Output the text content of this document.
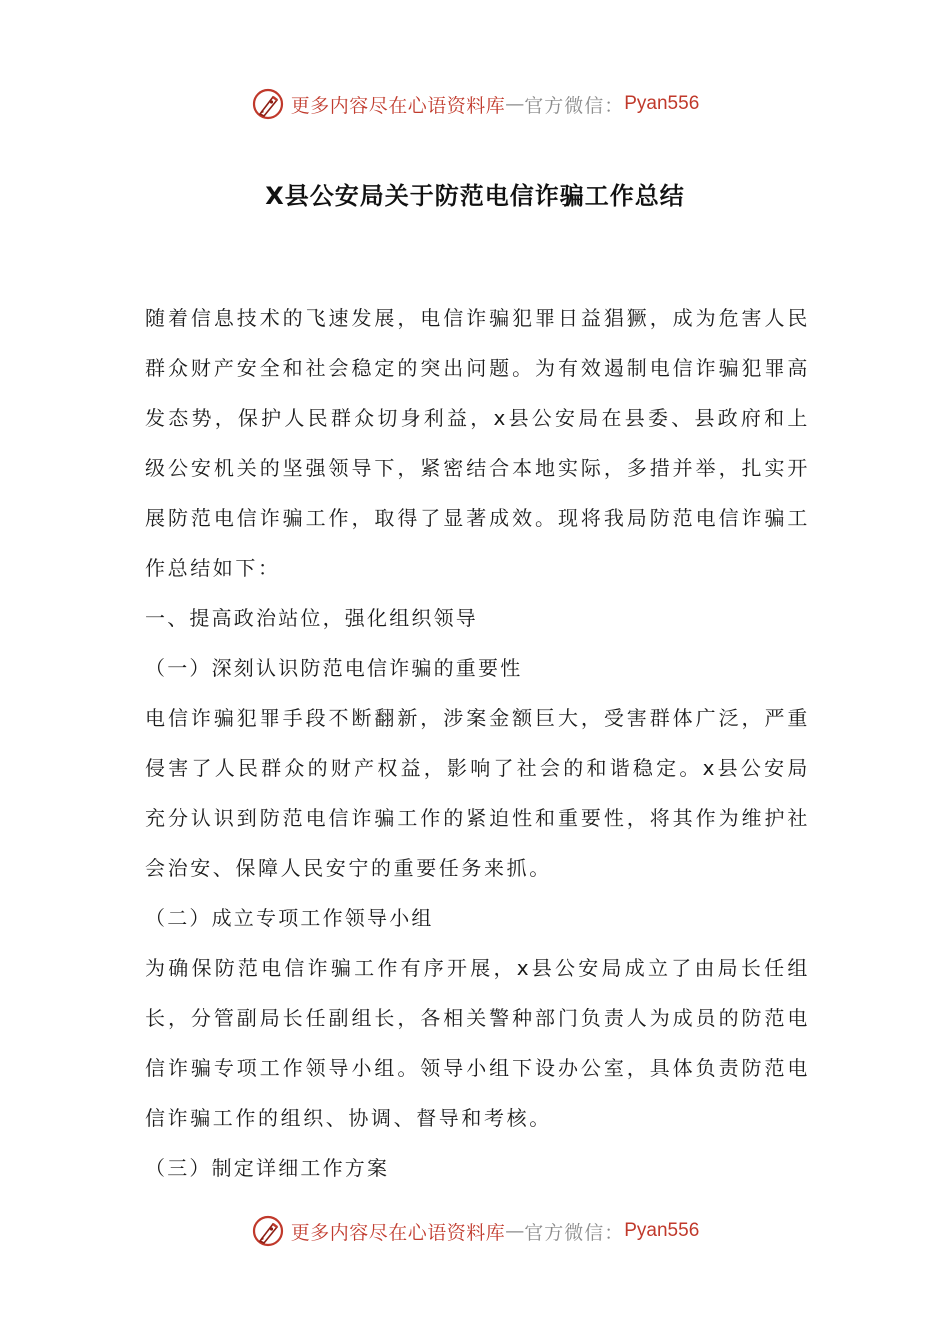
更多内容尽在心语资料库 — 官方微信： Pyan556
X县公安局关于防范电信诈骗工作总结

随着信息技术的飞速发展，电信诈骗犯罪日益猖獗，成为危害人民群众财产安全和社会稳定的突出问题。为有效遏制电信诈骗犯罪高发态势，保护人民群众切身利益，x县公安局在县委、县政府和上级公安机关的坚强领导下，紧密结合本地实际，多措并举，扎实开展防范电信诈骗工作，取得了显著成效。现将我局防范电信诈骗工作总结如下：

一、提高政治站位，强化组织领导

（一）深刻认识防范电信诈骗的重要性

电信诈骗犯罪手段不断翻新，涉案金额巨大，受害群体广泛，严重侵害了人民群众的财产权益，影响了社会的和谐稳定。x县公安局充分认识到防范电信诈骗工作的紧迫性和重要性，将其作为维护社会治安、保障人民安宁的重要任务来抓。

（二）成立专项工作领导小组

为确保防范电信诈骗工作有序开展，x县公安局成立了由局长任组长，分管副局长任副组长，各相关警种部门负责人为成员的防范电信诈骗专项工作领导小组。领导小组下设办公室，具体负责防范电信诈骗工作的组织、协调、督导和考核。

（三）制定详细工作方案

更多内容尽在心语资料库 — 官方微信： Pyan556
